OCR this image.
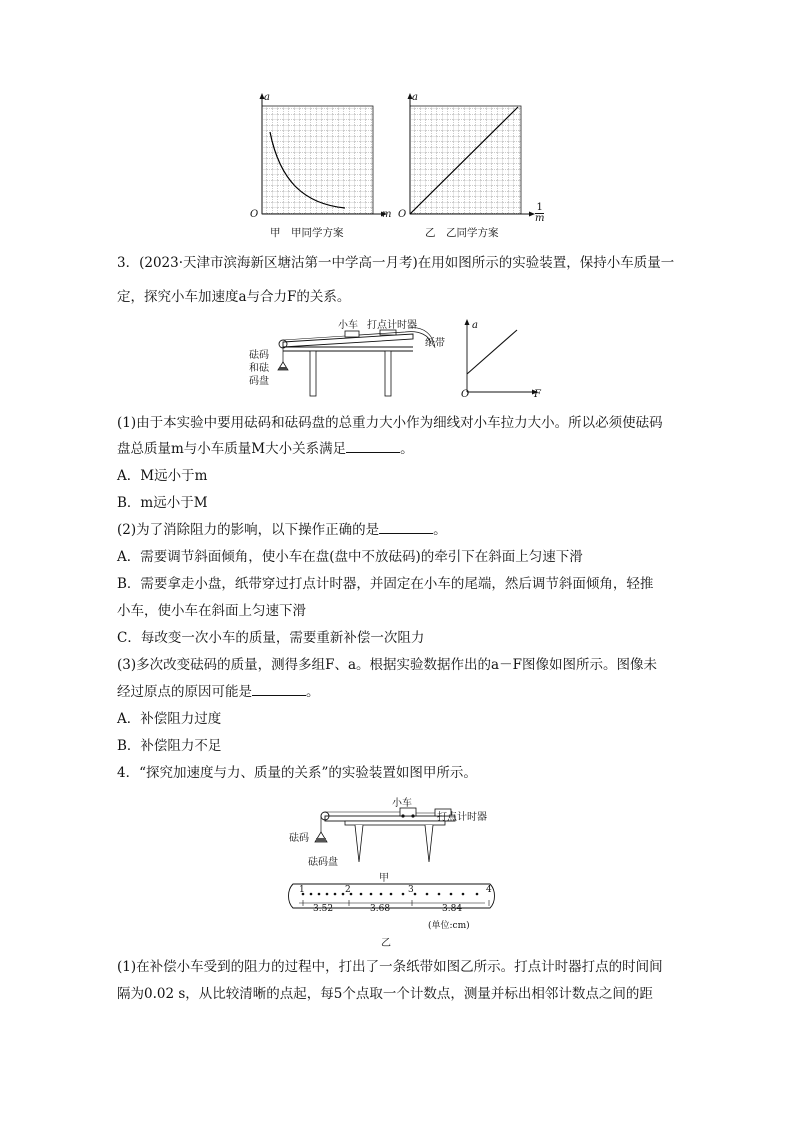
a
m
O
甲　甲同学方案
a
1
m
O
乙　乙同学方案
3．(2023·天津市滨海新区塘沽第一中学高一月考)在用如图所示的实验装置，保持小车质量一
定，探究小车加速度a与合力F的关系。
小车 打点计时器
纸带
砝码
和砝
码盘
a
F
O
(1)由于本实验中要用砝码和砝码盘的总重力大小作为细线对小车拉力大小。所以必须使砝码
盘总质量m与小车质量M大小关系满足	。
A．M远小于m
B．m远小于M
(2)为了消除阻力的影响，以下操作正确的是	。
A．需要调节斜面倾角，使小车在盘(盘中不放砝码)的牵引下在斜面上匀速下滑
B．需要拿走小盘，纸带穿过打点计时器，并固定在小车的尾端，然后调节斜面倾角，轻推
小车，使小车在斜面上匀速下滑
C．每改变一次小车的质量，需要重新补偿一次阻力
(3)多次改变砝码的质量，测得多组F、a。根据实验数据作出的a－F图像如图所示。图像未
经过原点的原因可能是	。
A．补偿阻力过度
B．补偿阻力不足
4．“探究加速度与力、质量的关系”的实验装置如图甲所示。
小车
打点计时器
砝码
砝码盘
甲
1	2	3	4
3.52	3.68	3.84
(单位:cm)
乙
(1)在补偿小车受到的阻力的过程中，打出了一条纸带如图乙所示。打点计时器打点的时间间
隔为0.02 s，从比较清晰的点起，每5个点取一个计数点，测量并标出相邻计数点之间的距
